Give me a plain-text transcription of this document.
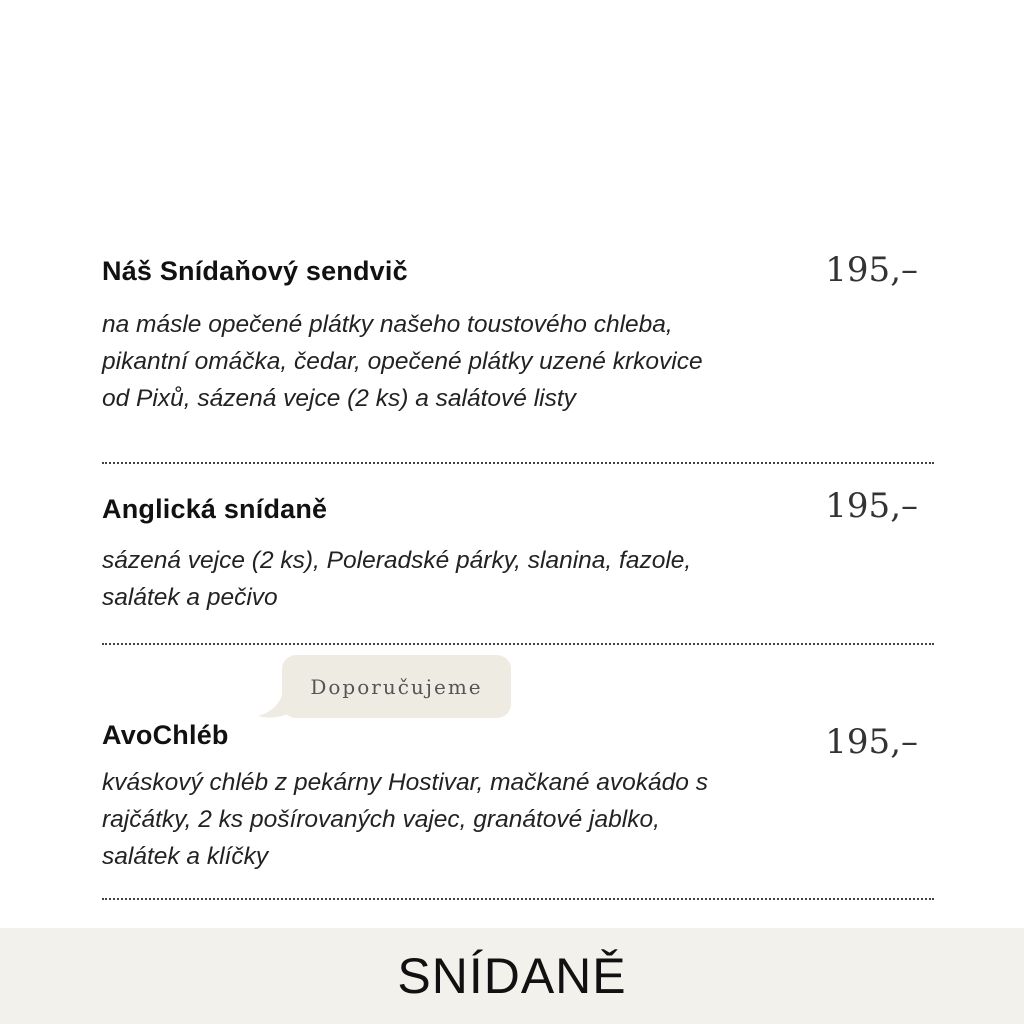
Náš Snídaňový sendvič	195,–

na másle opečené plátky našeho toustového chleba,
pikantní omáčka, čedar, opečené plátky uzené krkovice
od Pixů, sázená vejce (2 ks) a salátové listy

Anglická snídaně	195,–

sázená vejce (2 ks), Poleradské párky, slanina, fazole,
salátek a pečivo

Doporučujeme
AvoChléb	195,–

kváskový chléb z pekárny Hostivar, mačkané avokádo s
rajčátky, 2 ks pošírovaných vajec, granátové jablko,
salátek a klíčky

SNÍDANĚ
